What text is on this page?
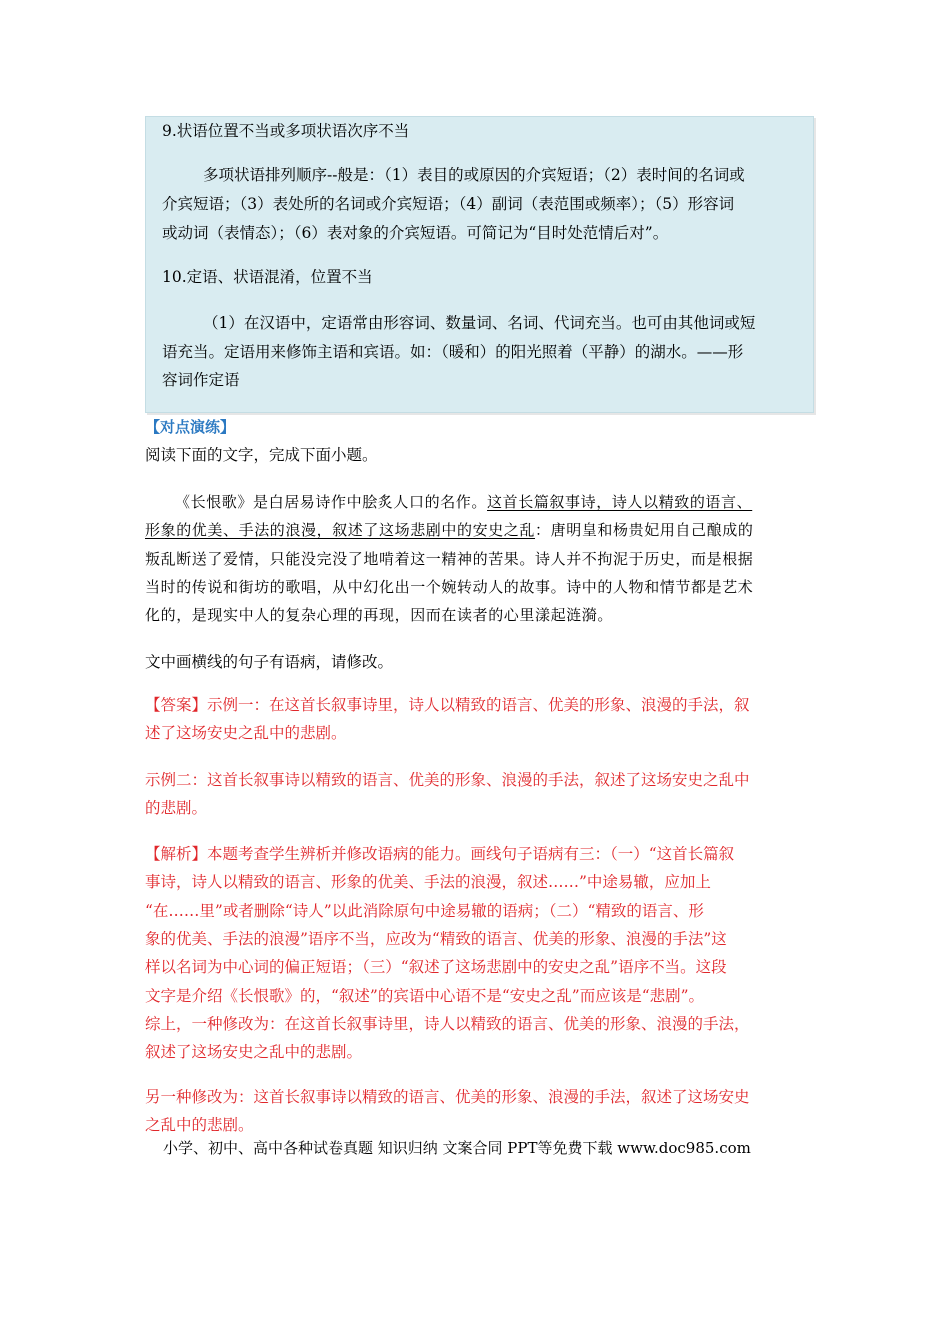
9.状语位置不当或多项状语次序不当
多项状语排列顺序--般是：（1）表目的或原因的介宾短语；（2）表时间的名词或
介宾短语；（3）表处所的名词或介宾短语；（4）副词（表范围或频率）；（5）形容词
或动词（表情态）；（6）表对象的介宾短语。可简记为“目时处范情后对”。
10.定语、状语混淆，位置不当
（1）在汉语中，定语常由形容词、数量词、名词、代词充当。也可由其他词或短
语充当。定语用来修饰主语和宾语。如：（暖和）的阳光照着（平静）的湖水。——形
容词作定语
【对点演练】
阅读下面的文字，完成下面小题。
《长恨歌》是白居易诗作中脍炙人口的名作。这首长篇叙事诗，诗人以精致的语言、
形象的优美、手法的浪漫，叙述了这场悲剧中的安史之乱：唐明皇和杨贵妃用自己酿成的
叛乱断送了爱情，只能没完没了地啃着这一精神的苦果。诗人并不拘泥于历史，而是根据
当时的传说和街坊的歌唱，从中幻化出一个婉转动人的故事。诗中的人物和情节都是艺术
化的，是现实中人的复杂心理的再现，因而在读者的心里漾起涟漪。
文中画横线的句子有语病，请修改。
【答案】示例一：在这首长叙事诗里，诗人以精致的语言、优美的形象、浪漫的手法，叙
述了这场安史之乱中的悲剧。
示例二：这首长叙事诗以精致的语言、优美的形象、浪漫的手法，叙述了这场安史之乱中
的悲剧。
【解析】本题考查学生辨析并修改语病的能力。画线句子语病有三：（一）“这首长篇叙
事诗，诗人以精致的语言、形象的优美、手法的浪漫，叙述……”中途易辙，应加上
“在……里”或者删除“诗人”以此消除原句中途易辙的语病；（二）“精致的语言、形
象的优美、手法的浪漫”语序不当，应改为“精致的语言、优美的形象、浪漫的手法”这
样以名词为中心词的偏正短语；（三）“叙述了这场悲剧中的安史之乱”语序不当。这段
文字是介绍《长恨歌》的，“叙述”的宾语中心语不是“安史之乱”而应该是“悲剧”。
综上，一种修改为：在这首长叙事诗里，诗人以精致的语言、优美的形象、浪漫的手法，
叙述了这场安史之乱中的悲剧。
另一种修改为：这首长叙事诗以精致的语言、优美的形象、浪漫的手法，叙述了这场安史
之乱中的悲剧。
小学、初中、高中各种试卷真题 知识归纳 文案合同 PPT等免费下载 www.doc985.com
